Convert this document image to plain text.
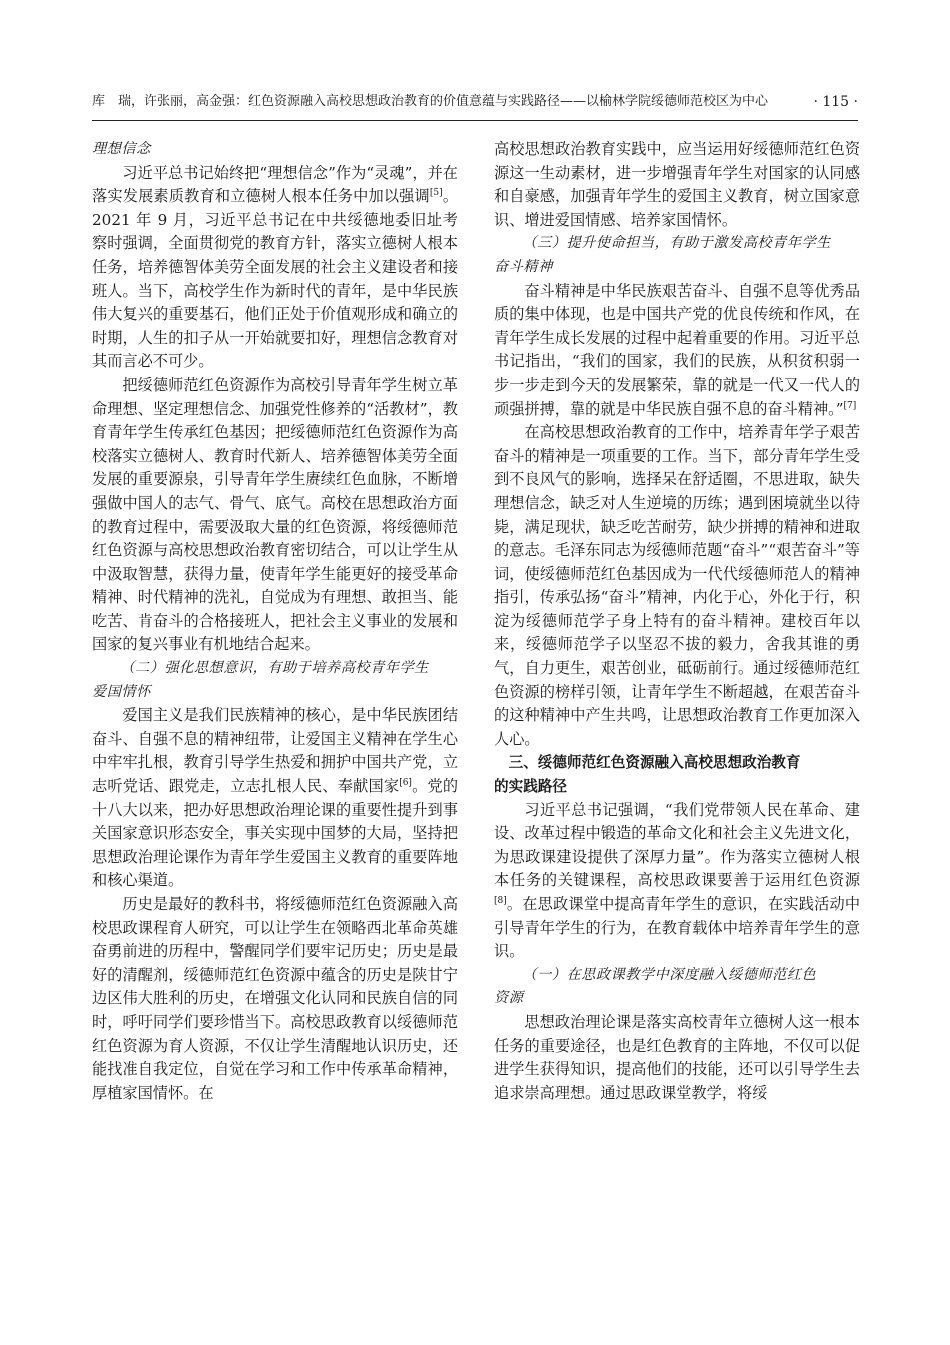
库　瑞，许张丽，高金强：红色资源融入高校思想政治教育的价值意蕴与实践路径——以榆林学院绥德师范校区为中心	· 115 ·

理想信念

习近平总书记始终把“理想信念”作为“灵魂”，并在落实发展素质教育和立德树人根本任务中加以强调[5]。2021 年 9 月，习近平总书记在中共绥德地委旧址考察时强调，全面贯彻党的教育方针，落实立德树人根本任务，培养德智体美劳全面发展的社会主义建设者和接班人。当下，高校学生作为新时代的青年，是中华民族伟大复兴的重要基石，他们正处于价值观形成和确立的时期，人生的扣子从一开始就要扣好，理想信念教育对其而言必不可少。

把绥德师范红色资源作为高校引导青年学生树立革命理想、坚定理想信念、加强党性修养的“活教材”，教育青年学生传承红色基因；把绥德师范红色资源作为高校落实立德树人、教育时代新人、培养德智体美劳全面发展的重要源泉，引导青年学生赓续红色血脉，不断增强做中国人的志气、骨气、底气。高校在思想政治方面的教育过程中，需要汲取大量的红色资源，将绥德师范红色资源与高校思想政治教育密切结合，可以让学生从中汲取智慧，获得力量，使青年学生能更好的接受革命精神、时代精神的洗礼，自觉成为有理想、敢担当、能吃苦、肯奋斗的合格接班人，把社会主义事业的发展和国家的复兴事业有机地结合起来。

（二）强化思想意识，有助于培养高校青年学生

爱国情怀

爱国主义是我们民族精神的核心，是中华民族团结奋斗、自强不息的精神纽带，让爱国主义精神在学生心中牢牢扎根，教育引导学生热爱和拥护中国共产党，立志听党话、跟党走，立志扎根人民、奉献国家[6]。党的十八大以来，把办好思想政治理论课的重要性提升到事关国家意识形态安全，事关实现中国梦的大局，坚持把思想政治理论课作为青年学生爱国主义教育的重要阵地和核心渠道。

历史是最好的教科书，将绥德师范红色资源融入高校思政课程育人研究，可以让学生在领略西北革命英雄奋勇前进的历程中，警醒同学们要牢记历史；历史是最好的清醒剂，绥德师范红色资源中蕴含的历史是陕甘宁边区伟大胜利的历史，在增强文化认同和民族自信的同时，呼吁同学们要珍惜当下。高校思政教育以绥德师范红色资源为育人资源，不仅让学生清醒地认识历史，还能找准自我定位，自觉在学习和工作中传承革命精神，厚植家国情怀。在

高校思想政治教育实践中，应当运用好绥德师范红色资源这一生动素材，进一步增强青年学生对国家的认同感和自豪感，加强青年学生的爱国主义教育，树立国家意识、增进爱国情感、培养家国情怀。

（三）提升使命担当，有助于激发高校青年学生

奋斗精神

奋斗精神是中华民族艰苦奋斗、自强不息等优秀品质的集中体现，也是中国共产党的优良传统和作风，在青年学生成长发展的过程中起着重要的作用。习近平总书记指出，“我们的国家，我们的民族，从积贫积弱一步一步走到今天的发展繁荣，靠的就是一代又一代人的顽强拼搏，靠的就是中华民族自强不息的奋斗精神。”[7]

在高校思想政治教育的工作中，培养青年学子艰苦奋斗的精神是一项重要的工作。当下，部分青年学生受到不良风气的影响，选择呆在舒适圈，不思进取，缺失理想信念，缺乏对人生逆境的历练；遇到困境就坐以待毙，满足现状，缺乏吃苦耐劳，缺少拼搏的精神和进取的意志。毛泽东同志为绥德师范题“奋斗”“艰苦奋斗”等词，使绥德师范红色基因成为一代代绥德师范人的精神指引，传承弘扬“奋斗”精神，内化于心，外化于行，积淀为绥德师范学子身上特有的奋斗精神。建校百年以来，绥德师范学子以坚忍不拔的毅力，舍我其谁的勇气，自力更生，艰苦创业，砥砺前行。通过绥德师范红色资源的榜样引领，让青年学生不断超越，在艰苦奋斗的这种精神中产生共鸣，让思想政治教育工作更加深入人心。

三、绥德师范红色资源融入高校思想政治教育

的实践路径

习近平总书记强调，“我们党带领人民在革命、建设、改革过程中锻造的革命文化和社会主义先进文化，为思政课建设提供了深厚力量”。作为落实立德树人根本任务的关键课程，高校思政课要善于运用红色资源[8]。在思政课堂中提高青年学生的意识，在实践活动中引导青年学生的行为，在教育载体中培养青年学生的意识。

（一）在思政课教学中深度融入绥德师范红色

资源

思想政治理论课是落实高校青年立德树人这一根本任务的重要途径，也是红色教育的主阵地，不仅可以促进学生获得知识，提高他们的技能，还可以引导学生去追求崇高理想。通过思政课堂教学，将绥
